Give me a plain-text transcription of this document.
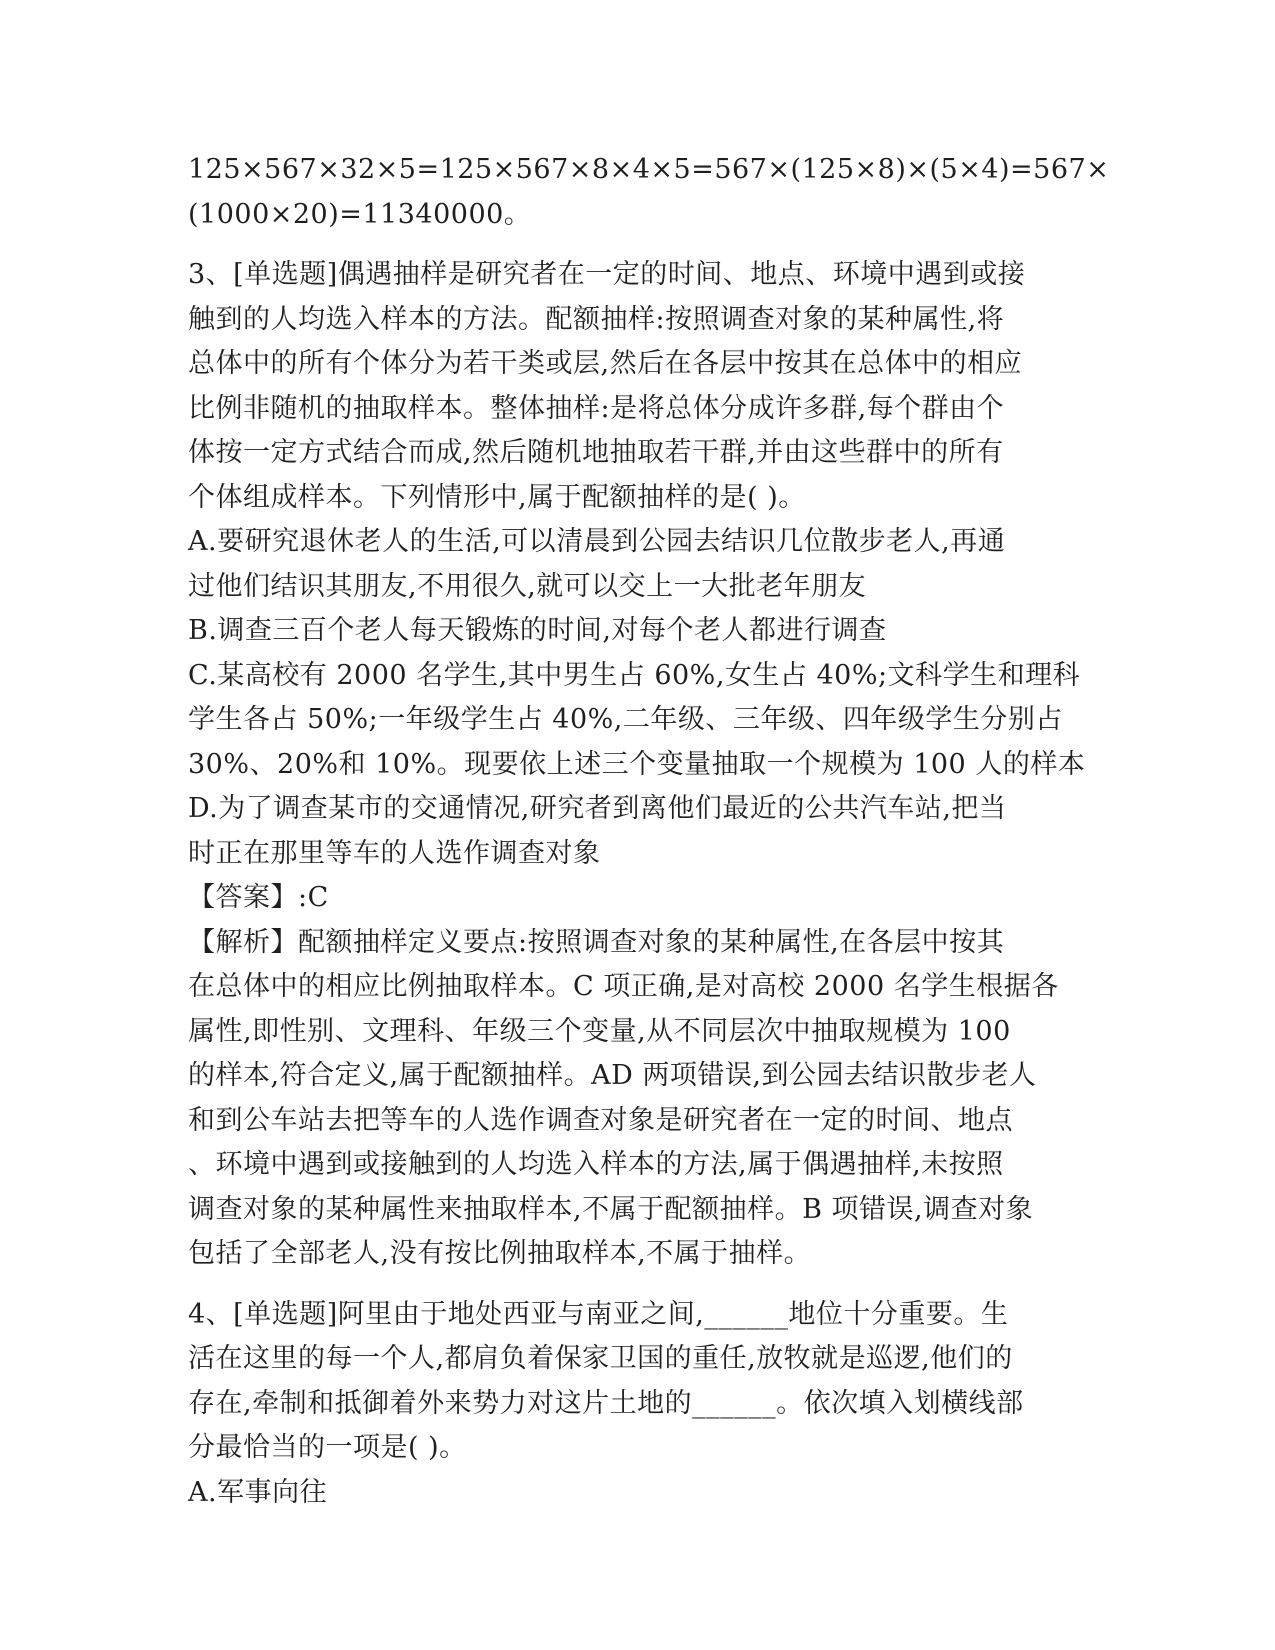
125×567×32×5=125×567×8×4×5=567×(125×8)×(5×4)=567×
(1000×20)=11340000。
3、[单选题]偶遇抽样是研究者在一定的时间、地点、环境中遇到或接
触到的人均选入样本的方法。配额抽样:按照调查对象的某种属性,将
总体中的所有个体分为若干类或层,然后在各层中按其在总体中的相应
比例非随机的抽取样本。整体抽样:是将总体分成许多群,每个群由个
体按一定方式结合而成,然后随机地抽取若干群,并由这些群中的所有
个体组成样本。下列情形中,属于配额抽样的是( )。
A.要研究退休老人的生活,可以清晨到公园去结识几位散步老人,再通
过他们结识其朋友,不用很久,就可以交上一大批老年朋友
B.调查三百个老人每天锻炼的时间,对每个老人都进行调查
C.某高校有 2000 名学生,其中男生占 60%,女生占 40%;文科学生和理科
学生各占 50%;一年级学生占 40%,二年级、三年级、四年级学生分别占
30%、20%和 10%。现要依上述三个变量抽取一个规模为 100 人的样本
D.为了调查某市的交通情况,研究者到离他们最近的公共汽车站,把当
时正在那里等车的人选作调查对象
【答案】:C
【解析】配额抽样定义要点:按照调查对象的某种属性,在各层中按其
在总体中的相应比例抽取样本。C 项正确,是对高校 2000 名学生根据各
属性,即性别、文理科、年级三个变量,从不同层次中抽取规模为 100
的样本,符合定义,属于配额抽样。AD 两项错误,到公园去结识散步老人
和到公车站去把等车的人选作调查对象是研究者在一定的时间、地点
、环境中遇到或接触到的人均选入样本的方法,属于偶遇抽样,未按照
调查对象的某种属性来抽取样本,不属于配额抽样。B 项错误,调查对象
包括了全部老人,没有按比例抽取样本,不属于抽样。
4、[单选题]阿里由于地处西亚与南亚之间,______地位十分重要。生
活在这里的每一个人,都肩负着保家卫国的重任,放牧就是巡逻,他们的
存在,牵制和抵御着外来势力对这片土地的______。依次填入划横线部
分最恰当的一项是( )。
A.军事向往
